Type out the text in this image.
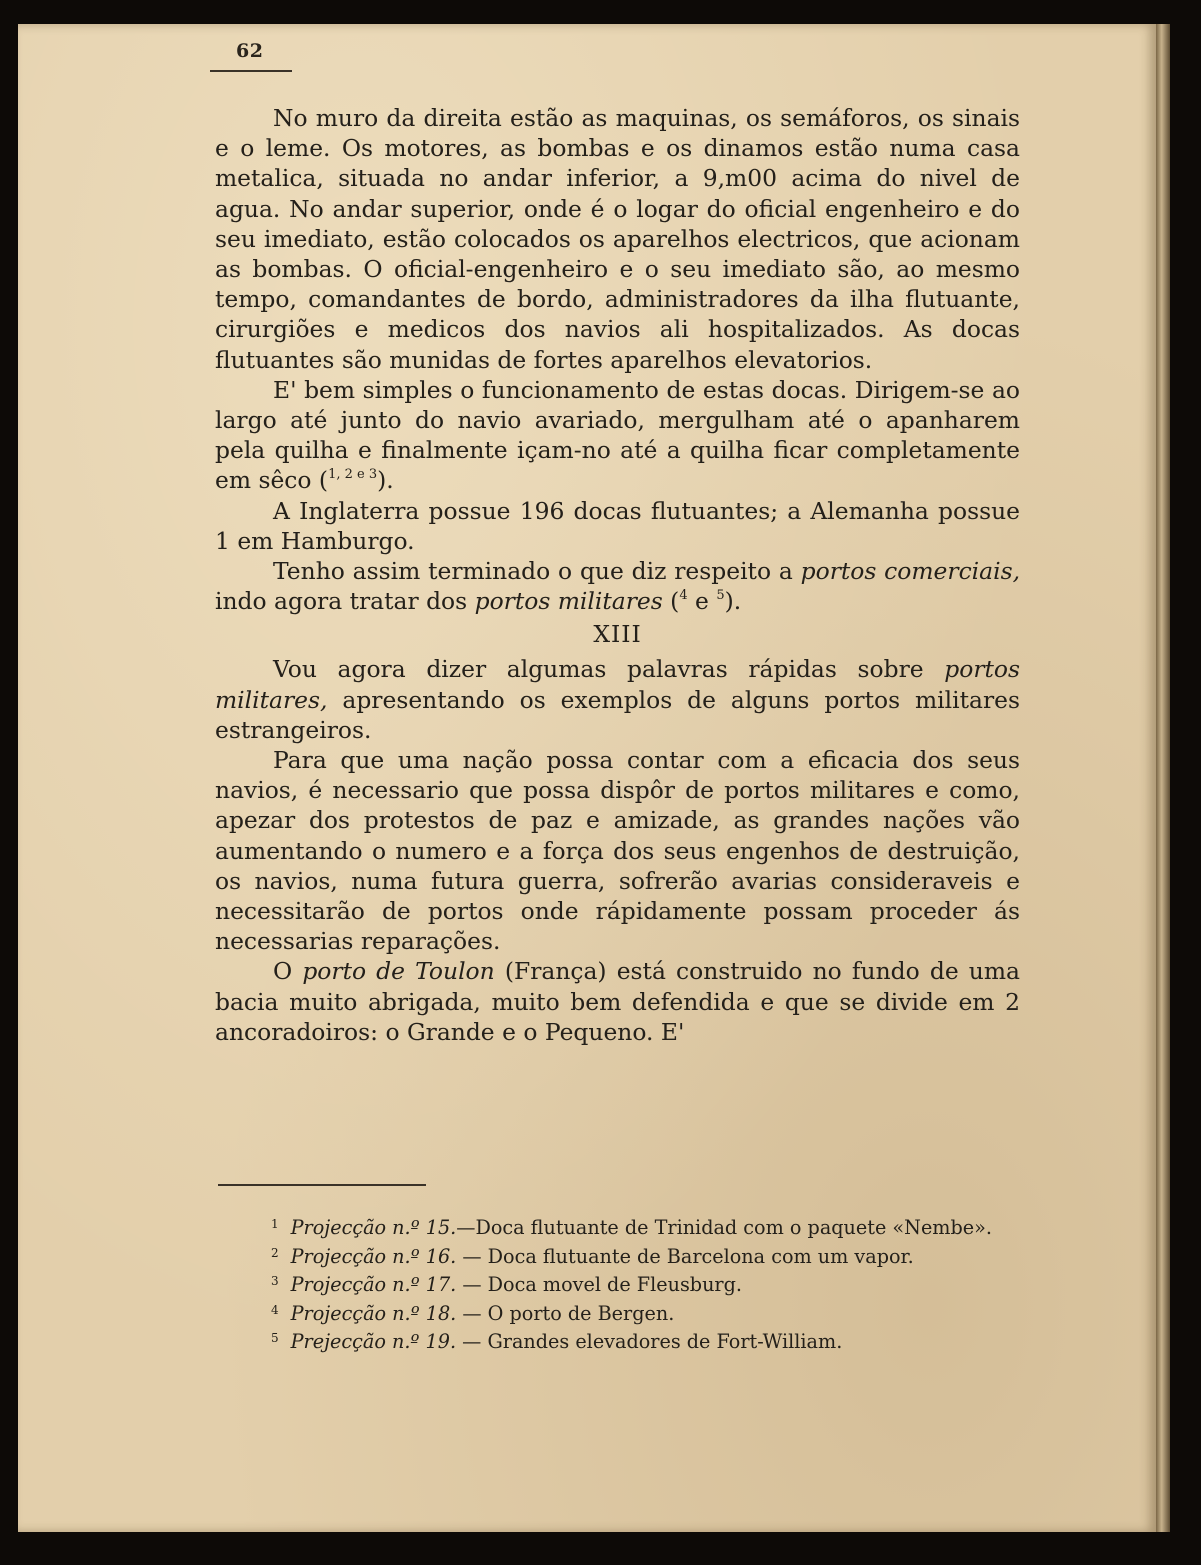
62

No muro da direita estão as maquinas, os semáforos, os sinais e o leme. Os motores, as bombas e os dinamos estão numa casa metalica, situada no andar inferior, a 9,m00 acima do nivel de agua. No andar superior, onde é o logar do oficial engenheiro e do seu imediato, estão colocados os aparelhos electricos, que acionam as bombas. O oficial-engenheiro e o seu imediato são, ao mesmo tempo, comandantes de bordo, administradores da ilha flutuante, cirurgiões e medicos dos navios ali hospitalizados. As docas flutuantes são munidas de fortes aparelhos elevatorios.

E' bem simples o funcionamento de estas docas. Dirigem-se ao largo até junto do navio avariado, mergulham até o apanharem pela quilha e finalmente içam-no até a quilha ficar completamente em sêco ($^{1, 2 e 3}$).

A Inglaterra possue 196 docas flutuantes; a Alemanha possue 1 em Hamburgo.

Tenho assim terminado o que diz respeito a portos comerciais, indo agora tratar dos portos militares ($^4$ e $^5$).

XIII

Vou agora dizer algumas palavras rápidas sobre portos militares, apresentando os exemplos de alguns portos militares estrangeiros.

Para que uma nação possa contar com a eficacia dos seus navios, é necessario que possa dispôr de portos militares e como, apezar dos protestos de paz e amizade, as grandes nações vão aumentando o numero e a força dos seus engenhos de destruição, os navios, numa futura guerra, sofrerão avarias consideraveis e necessitarão de portos onde rápidamente possam proceder ás necessarias reparações.

O porto de Toulon (França) está construido no fundo de uma bacia muito abrigada, muito bem defendida e que se divide em 2 ancoradoiros: o Grande e o Pequeno. E'

$^1$ Projecção n.º 15.—Doca flutuante de Trinidad com o paquete «Nembe».

$^2$ Projecção n.º 16. — Doca flutuante de Barcelona com um vapor.

$^3$ Projecção n.º 17. — Doca movel de Fleusburg.

$^4$ Projecção n.º 18. — O porto de Bergen.

$^5$ Prejecção n.º 19. — Grandes elevadores de Fort-William.
